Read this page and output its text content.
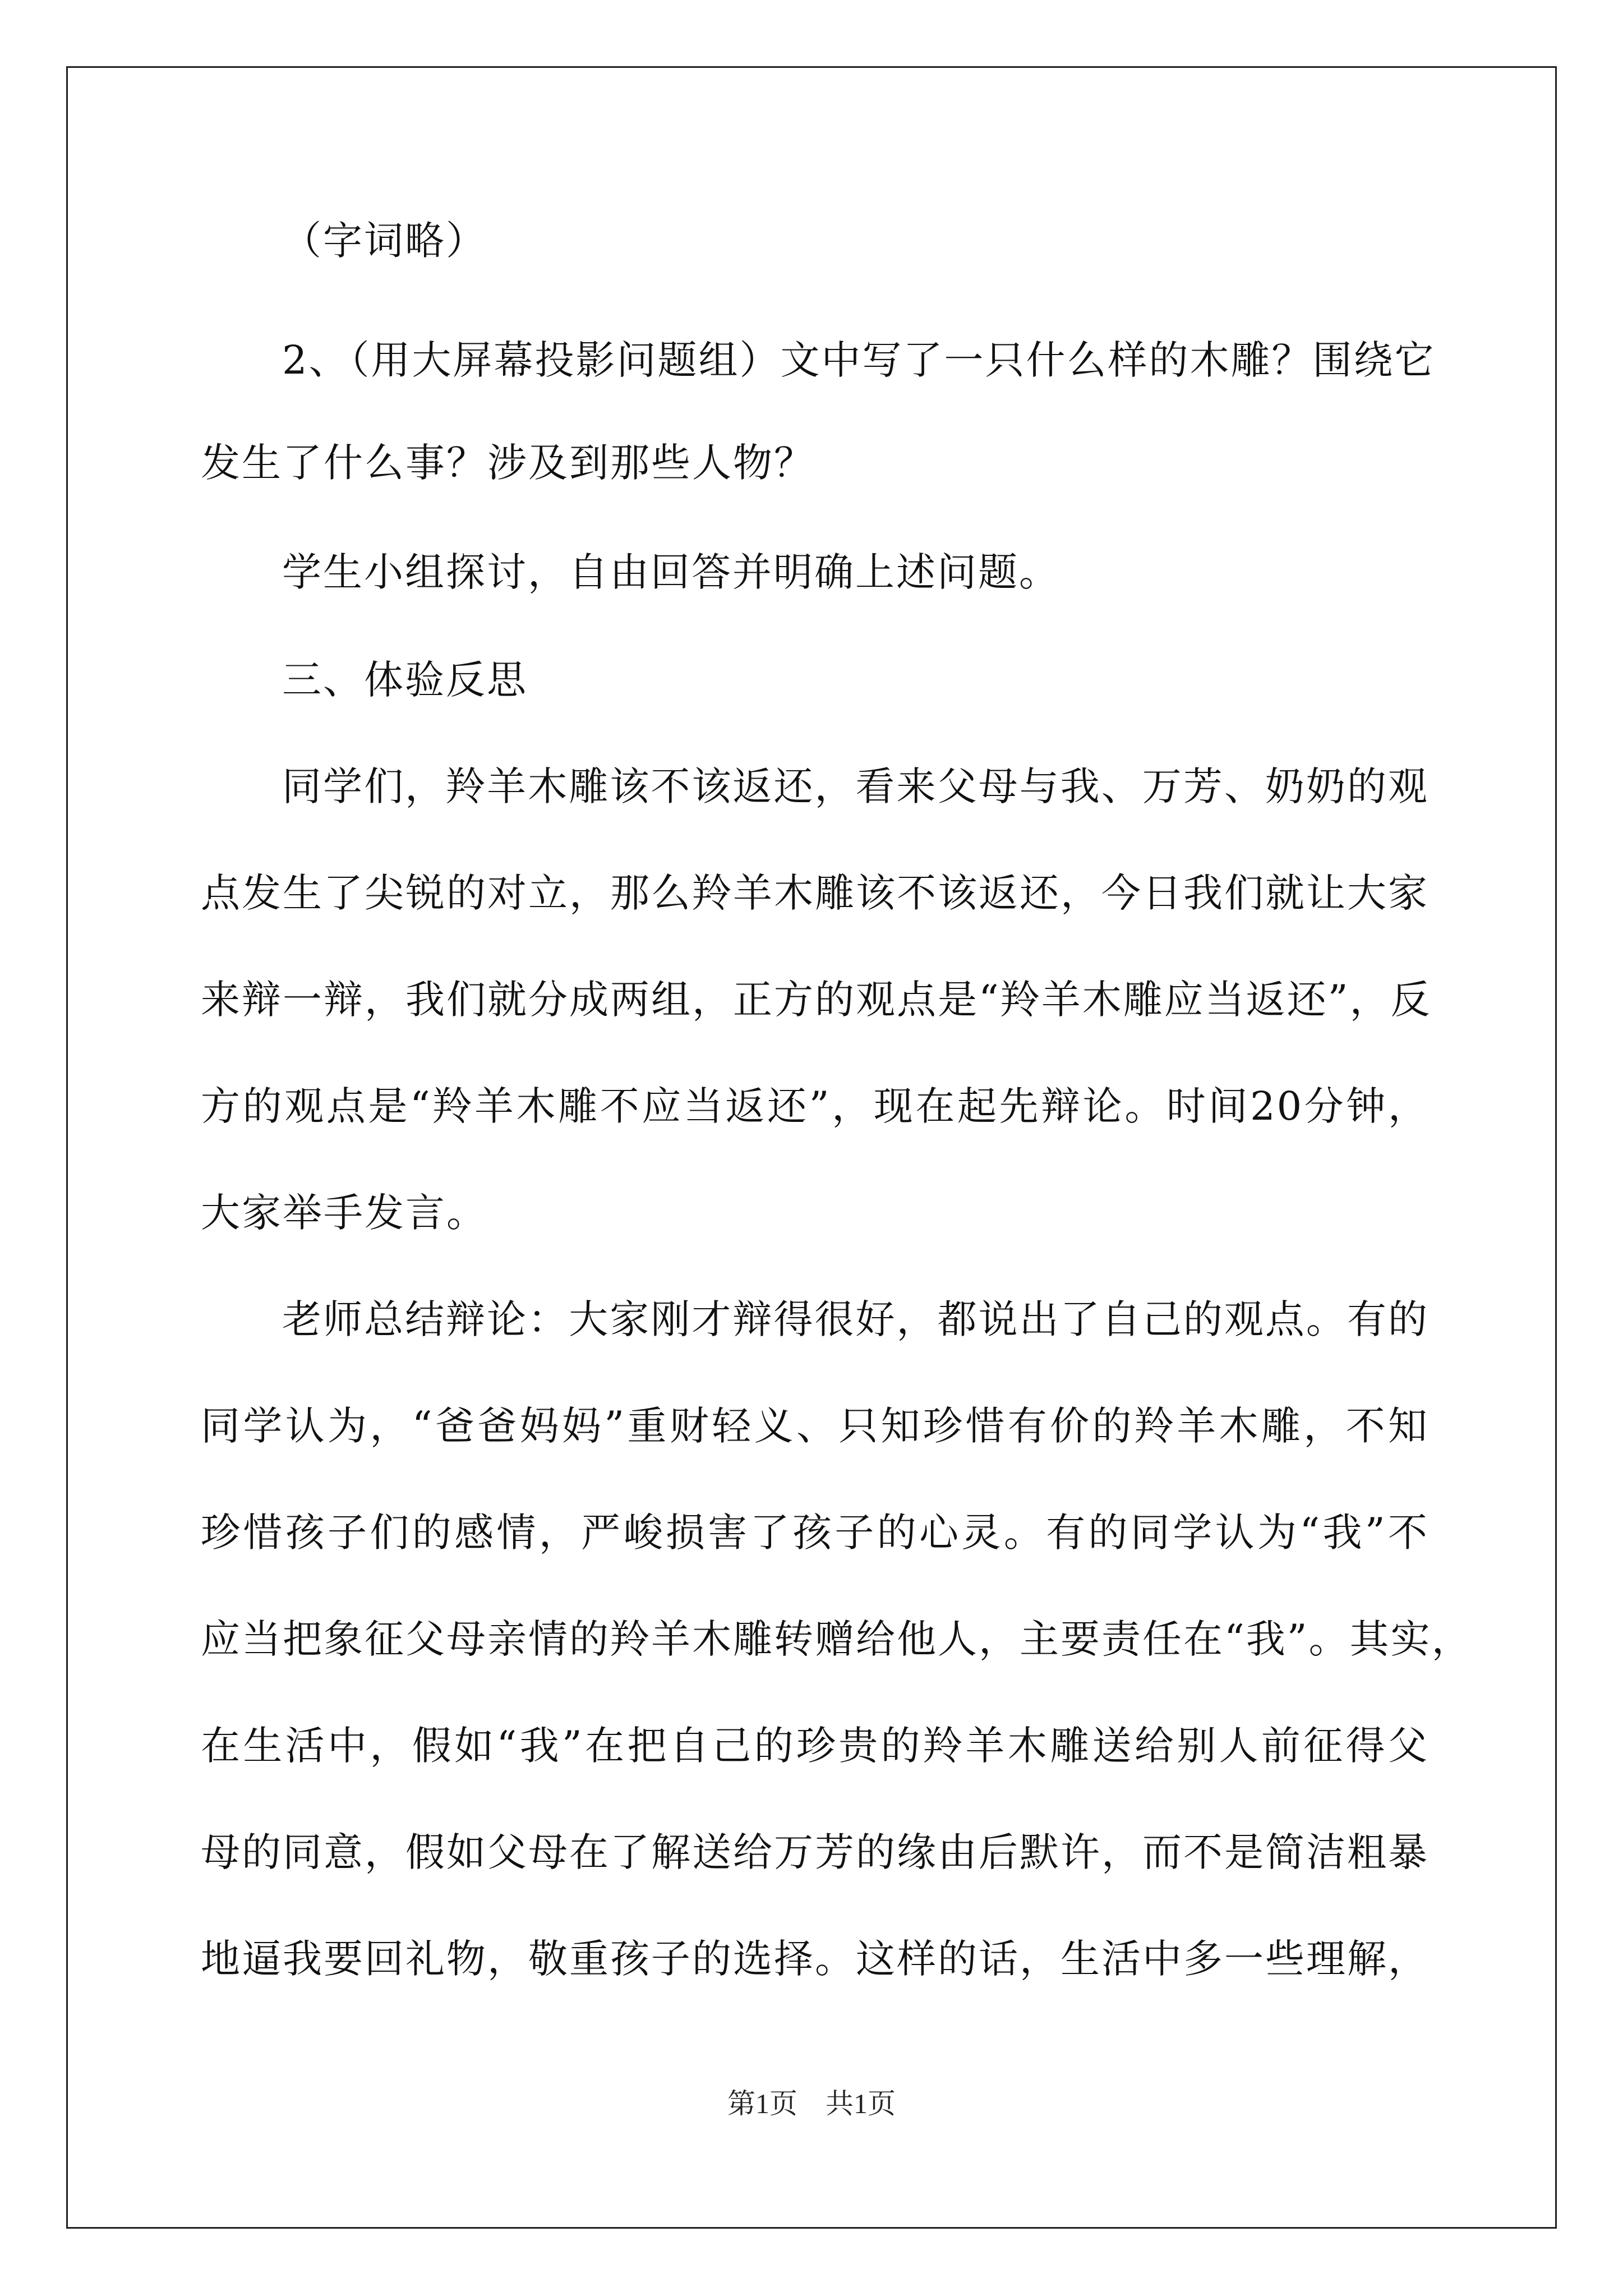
（字词略）
2、（用大屏幕投影问题组）文中写了一只什么样的木雕？围绕它
发生了什么事？涉及到那些人物？
学生小组探讨，自由回答并明确上述问题。
三、体验反思
同学们，羚羊木雕该不该返还，看来父母与我、万芳、奶奶的观
点发生了尖锐的对立，那么羚羊木雕该不该返还，今日我们就让大家
来辩一辩，我们就分成两组，正方的观点是“羚羊木雕应当返还”，反
方的观点是“羚羊木雕不应当返还”，现在起先辩论。时间20分钟，
大家举手发言。
老师总结辩论：大家刚才辩得很好，都说出了自己的观点。有的
同学认为，“爸爸妈妈”重财轻义、只知珍惜有价的羚羊木雕，不知
珍惜孩子们的感情，严峻损害了孩子的心灵。有的同学认为“我”不
应当把象征父母亲情的羚羊木雕转赠给他人，主要责任在“我”。其实，
在生活中，假如“我”在把自己的珍贵的羚羊木雕送给别人前征得父
母的同意，假如父母在了解送给万芳的缘由后默许，而不是简洁粗暴
地逼我要回礼物，敬重孩子的选择。这样的话，生活中多一些理解，
第1页　共1页
